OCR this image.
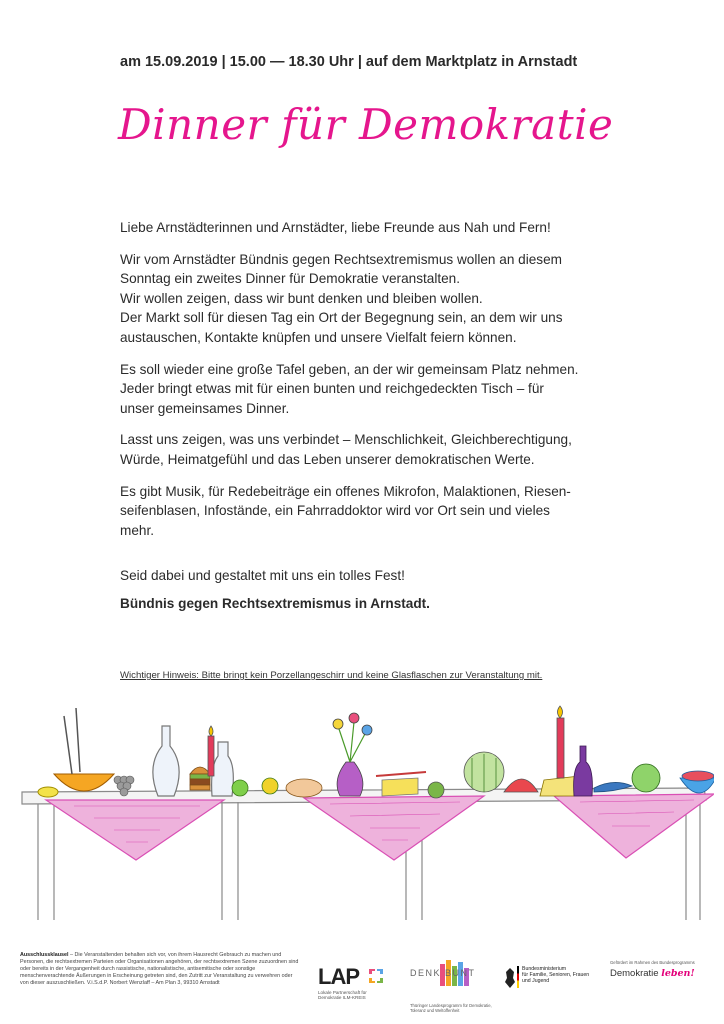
am 15.09.2019 | 15.00 — 18.30 Uhr | auf dem Marktplatz in Arnstadt
Dinner für Demokratie

Liebe Arnstädterinnen und Arnstädter, liebe Freunde aus Nah und Fern!

Wir vom Arnstädter Bündnis gegen Rechtsextremismus wollen an diesem
Sonntag ein zweites Dinner für Demokratie veranstalten.
Wir wollen zeigen, dass wir bunt denken und bleiben wollen.
Der Markt soll für diesen Tag ein Ort der Begegnung sein, an dem wir uns
austauschen, Kontakte knüpfen und unsere Vielfalt feiern können.

Es soll wieder eine große Tafel geben, an der wir gemeinsam Platz nehmen.
Jeder bringt etwas mit für einen bunten und reichgedeckten Tisch – für
unser gemeinsames Dinner.

Lasst uns zeigen, was uns verbindet – Menschlichkeit, Gleichberechtigung,
Würde, Heimatgefühl und das Leben unserer demokratischen Werte.

Es gibt Musik, für Redebeiträge ein offenes Mikrofon, Malaktionen, Riesen-
seifenblasen, Infostände, ein Fahrraddoktor wird vor Ort sein und vieles
mehr.

Seid dabei und gestaltet mit uns ein tolles Fest!

Bündnis gegen Rechtsextremismus in Arnstadt.

Wichtiger Hinweis: Bitte bringt kein Porzellangeschirr und keine Glasflaschen zur Veranstaltung mit.
Ausschlussklausel – Die Veranstaltenden behalten sich vor, von ihrem Hausrecht Gebrauch zu machen und Personen, die rechtsextremen Parteien oder Organisationen angehören, der rechtsextremen Szene zuzuordnen sind oder bereits in der Vergangenheit durch rassistische, nationalistische, antisemitische oder sonstige menschenverachtende Äußerungen in Erscheinung getreten sind, den Zutritt zur Veranstaltung zu verwehren oder von dieser auszuschließen. V.i.S.d.P. Norbert Wenzlaff – Am Plan 3, 99310 Arnstadt	LAP
Lokale Partnerschaft für Demokratie ILM-KREIS
DENK BUNT
Thüringer Landesprogramm für Demokratie, Toleranz und Weltoffenheit
Bundesministerium
für Familie, Senioren, Frauen
und Jugend
Gefördert im Rahmen des Bundesprogramms
Demokratie leben!
